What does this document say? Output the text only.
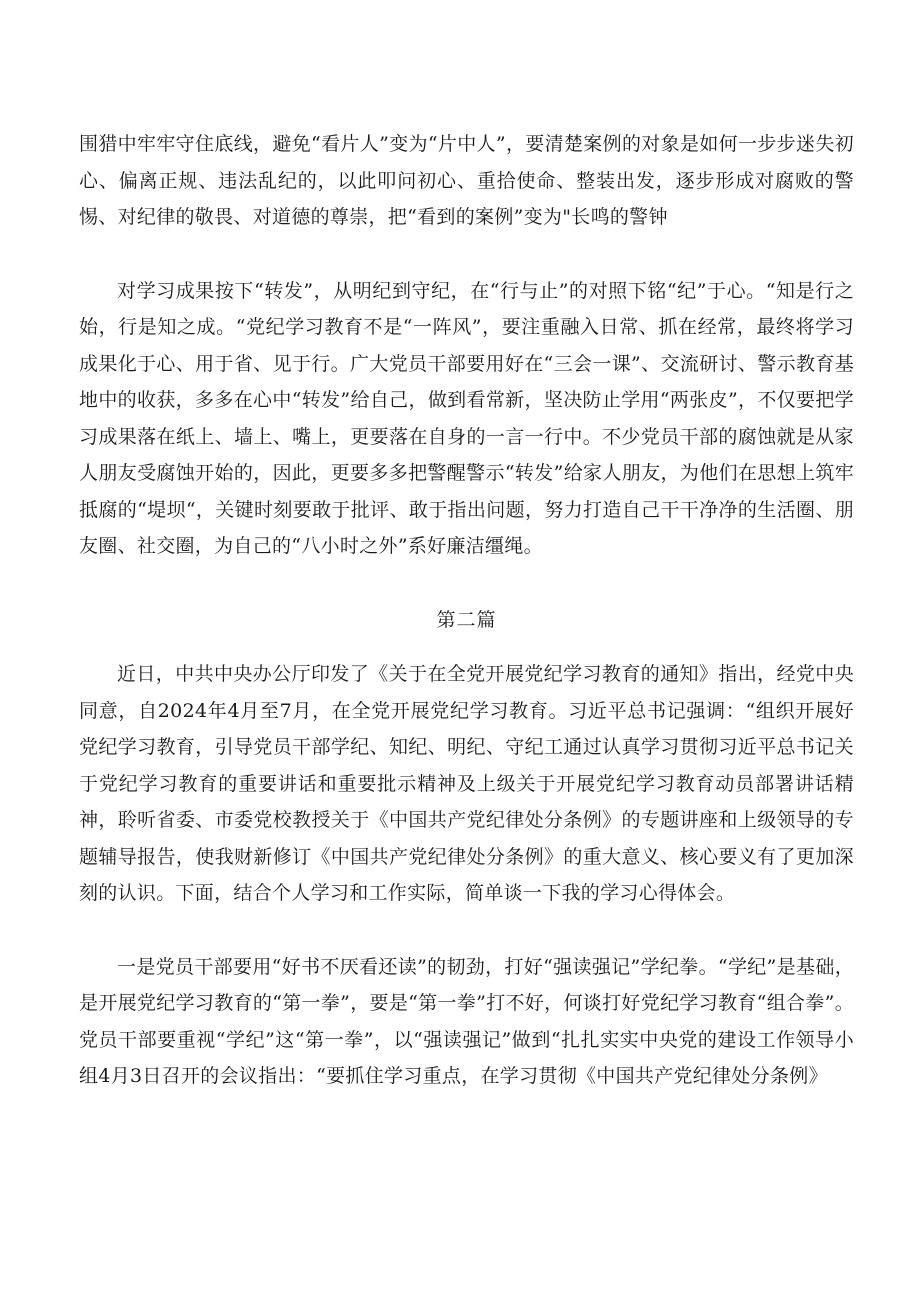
围猎中牢牢守住底线，避免“看片人”变为“片中人”，要清楚案例的对象是如何一步步迷失初心、偏离正规、违法乱纪的，以此叩问初心、重拾使命、整装出发，逐步形成对腐败的警惕、对纪律的敬畏、对道德的尊崇，把“看到的案例”变为"长鸣的警钟

对学习成果按下“转发”，从明纪到守纪，在“行与止”的对照下铭“纪”于心。“知是行之始，行是知之成。“党纪学习教育不是“一阵风”，要注重融入日常、抓在经常，最终将学习成果化于心、用于省、见于行。广大党员干部要用好在“三会一课”、交流研讨、警示教育基地中的收获，多多在心中“转发”给自己，做到看常新，坚决防止学用“两张皮”，不仅要把学习成果落在纸上、墙上、嘴上，更要落在自身的一言一行中。不少党员干部的腐蚀就是从家人朋友受腐蚀开始的，因此，更要多多把警醒警示“转发”给家人朋友，为他们在思想上筑牢抵腐的“堤坝“，关键时刻要敢于批评、敢于指出问题，努力打造自己干干净净的生活圈、朋友圈、社交圈，为自己的“八小时之外”系好廉洁缰绳。

第二篇

近日，中共中央办公厅印发了《关于在全党开展党纪学习教育的通知》指出，经党中央同意，自2024年4月至7月，在全党开展党纪学习教育。习近平总书记强调：“组织开展好党纪学习教育，引导党员干部学纪、知纪、明纪、守纪工通过认真学习贯彻习近平总书记关于党纪学习教育的重要讲话和重要批示精神及上级关于开展党纪学习教育动员部署讲话精神，聆听省委、市委党校教授关于《中国共产党纪律处分条例》的专题讲座和上级领导的专题辅导报告，使我财新修订《中国共产党纪律处分条例》的重大意义、核心要义有了更加深刻的认识。下面，结合个人学习和工作实际，简单谈一下我的学习心得体会。

一是党员干部要用“好书不厌看还读”的韧劲，打好“强读强记”学纪拳。“学纪”是基础，是开展党纪学习教育的“第一拳”，要是“第一拳”打不好，何谈打好党纪学习教育“组合拳”。党员干部要重视“学纪”这“第一拳”，以“强读强记”做到“扎扎实实中央党的建设工作领导小组4月3日召开的会议指出：“要抓住学习重点，在学习贯彻《中国共产党纪律处分条例》
